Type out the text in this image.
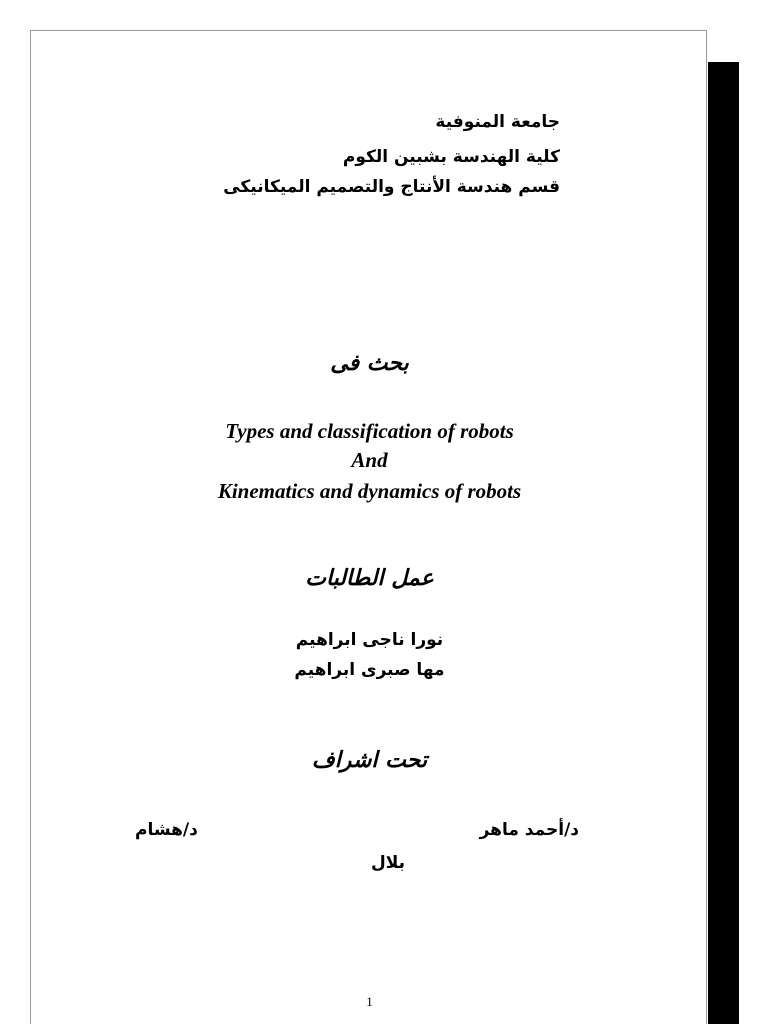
جامعة المنوفية

كلية الهندسة بشبين الكوم

قسم هندسة الأنتاج والتصميم الميكانيكى

بحث فى

Types and classification of robots

And

Kinematics and dynamics of robots

عمل الطالبات

نورا ناجى ابراهيم

مها صبرى ابراهيم

تحت اشراف

د/أحمد ماهر

د/هشام

بلال

1
